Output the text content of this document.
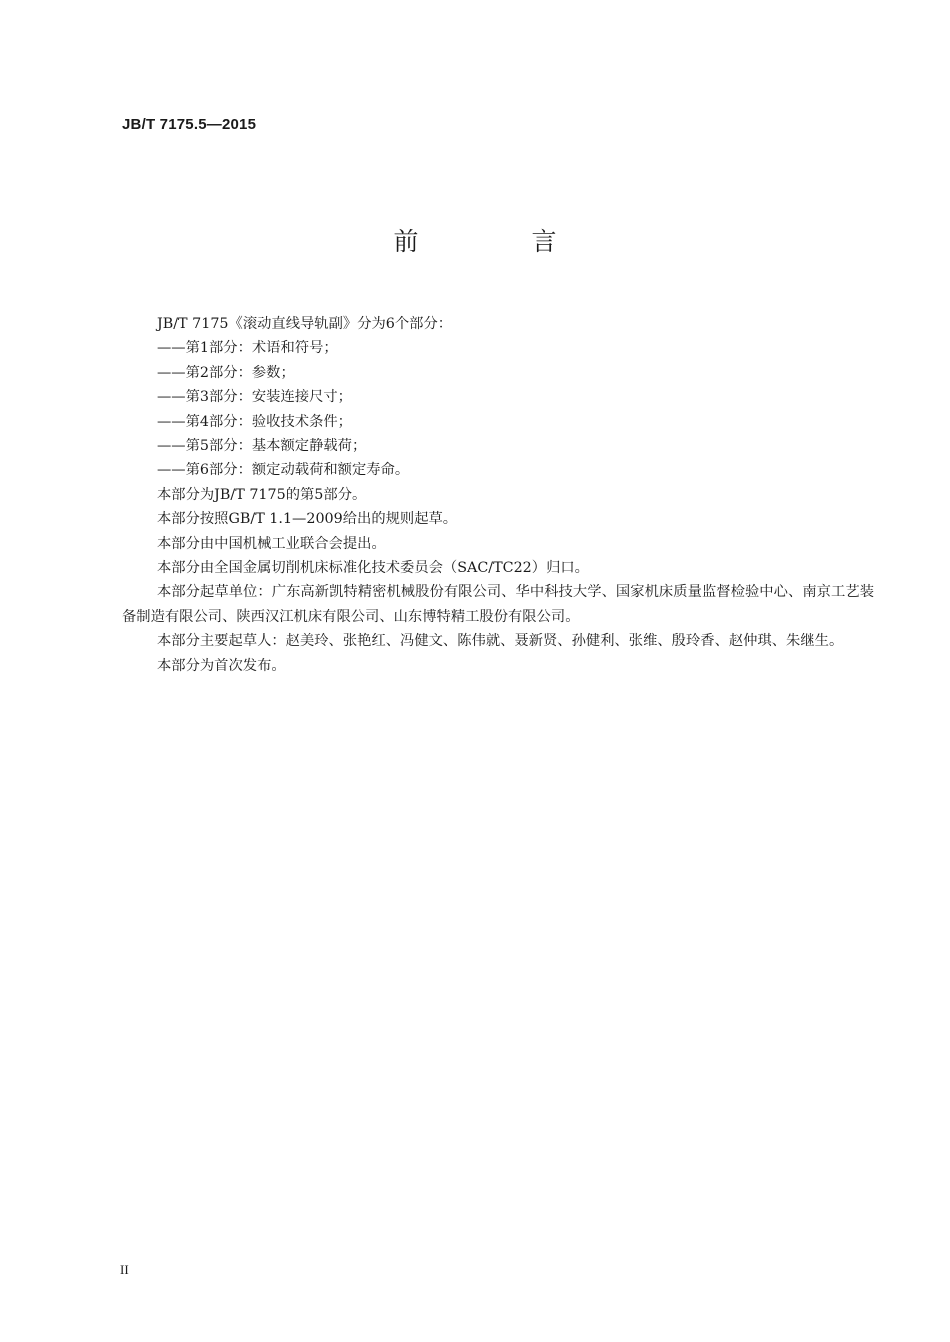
JB/T 7175.5—2015
前　言

JB/T 7175《滚动直线导轨副》分为6个部分：

——第1部分：术语和符号；

——第2部分：参数；

——第3部分：安装连接尺寸；

——第4部分：验收技术条件；

——第5部分：基本额定静载荷；

——第6部分：额定动载荷和额定寿命。

本部分为JB/T 7175的第5部分。

本部分按照GB/T 1.1—2009给出的规则起草。

本部分由中国机械工业联合会提出。

本部分由全国金属切削机床标准化技术委员会（SAC/TC22）归口。

本部分起草单位：广东高新凯特精密机械股份有限公司、华中科技大学、国家机床质量监督检验中心、南京工艺装备制造有限公司、陕西汉江机床有限公司、山东博特精工股份有限公司。

本部分主要起草人：赵美玲、张艳红、冯健文、陈伟就、聂新贤、孙健利、张维、殷玲香、赵仲琪、朱继生。

本部分为首次发布。

II
